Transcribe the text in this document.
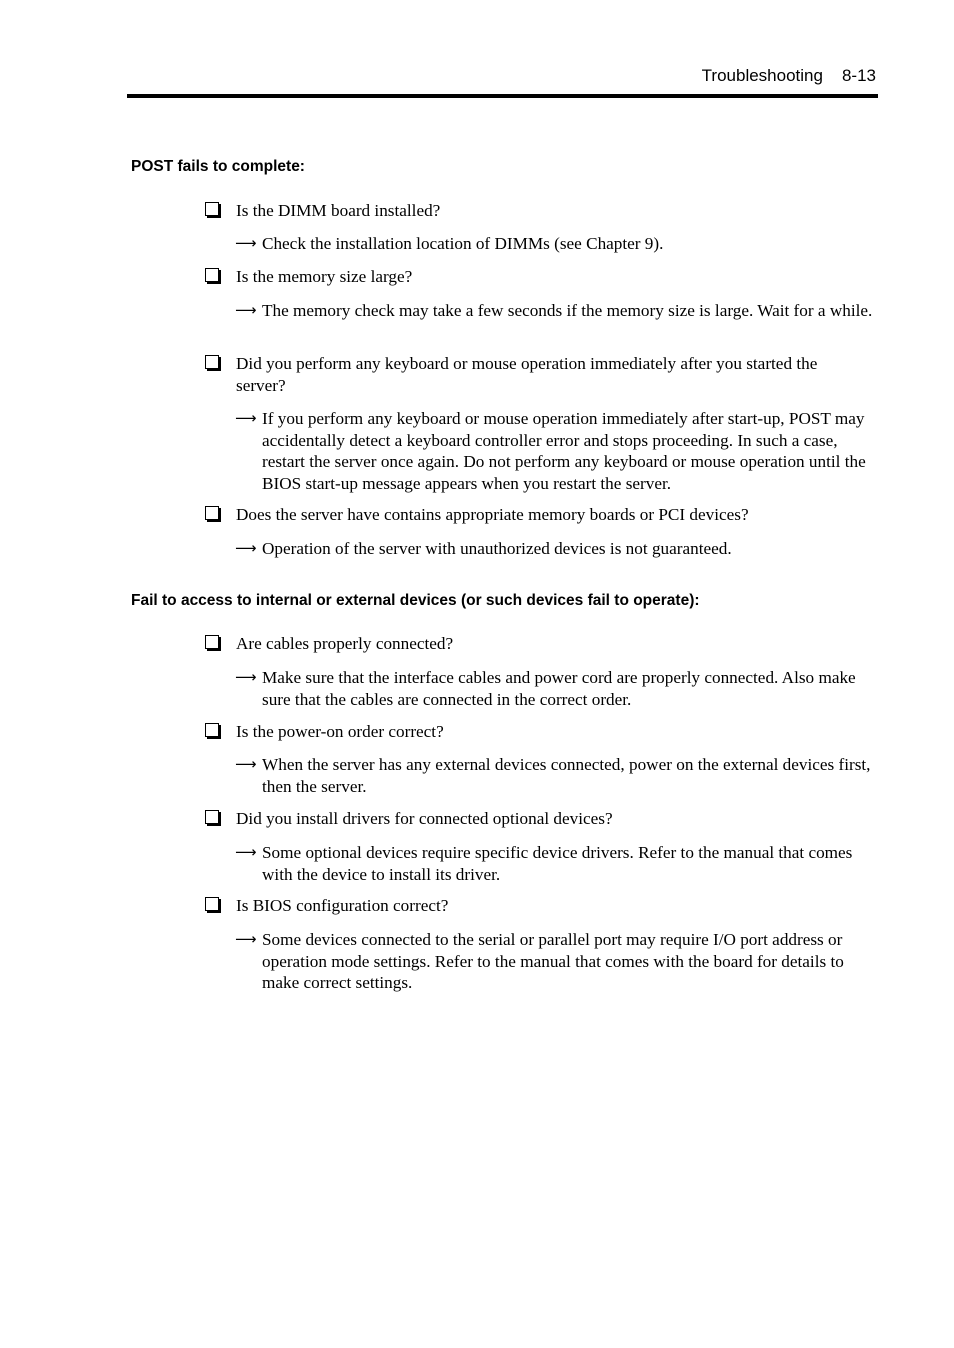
Troubleshooting 8-13
POST fails to complete:
Is the DIMM board installed?
⟶ Check the installation location of DIMMs (see Chapter 9).
Is the memory size large?
⟶ The memory check may take a few seconds if the memory size is large. Wait for a while.
Did you perform any keyboard or mouse operation immediately after you started the server?
⟶ If you perform any keyboard or mouse operation immediately after start-up, POST may accidentally detect a keyboard controller error and stops proceeding. In such a case, restart the server once again. Do not perform any keyboard or mouse operation until the BIOS start-up message appears when you restart the server.
Does the server have contains appropriate memory boards or PCI devices?
⟶ Operation of the server with unauthorized devices is not guaranteed.
Fail to access to internal or external devices (or such devices fail to operate):
Are cables properly connected?
⟶ Make sure that the interface cables and power cord are properly connected. Also make sure that the cables are connected in the correct order.
Is the power-on order correct?
⟶ When the server has any external devices connected, power on the external devices first, then the server.
Did you install drivers for connected optional devices?
⟶ Some optional devices require specific device drivers. Refer to the manual that comes with the device to install its driver.
Is BIOS configuration correct?
⟶ Some devices connected to the serial or parallel port may require I/O port address or operation mode settings. Refer to the manual that comes with the board for details to make correct settings.
